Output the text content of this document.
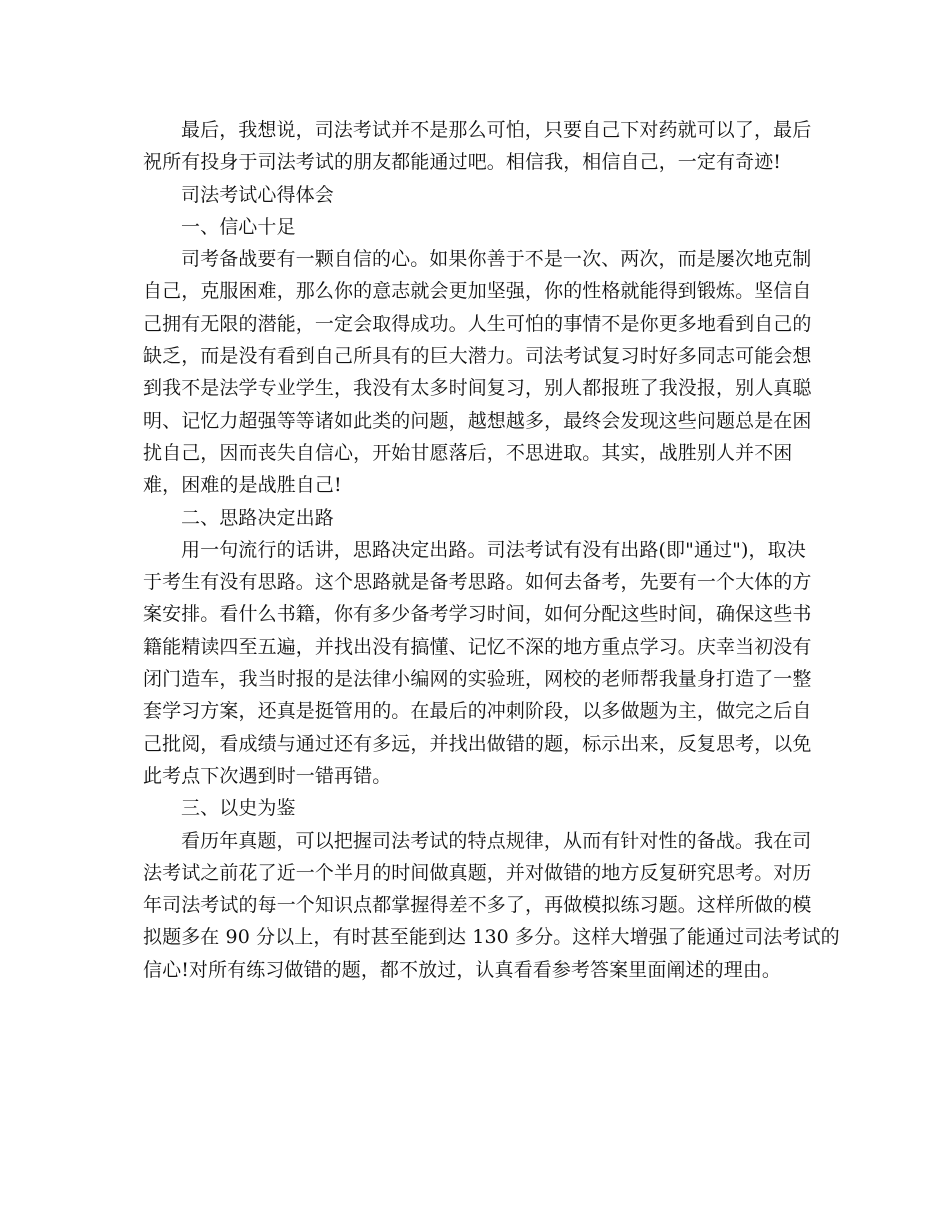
最后，我想说，司法考试并不是那么可怕，只要自己下对药就可以了，最后
祝所有投身于司法考试的朋友都能通过吧。相信我，相信自己，一定有奇迹!
司法考试心得体会
一、信心十足
司考备战要有一颗自信的心。如果你善于不是一次、两次，而是屡次地克制
自己，克服困难，那么你的意志就会更加坚强，你的性格就能得到锻炼。坚信自
己拥有无限的潜能，一定会取得成功。人生可怕的事情不是你更多地看到自己的
缺乏，而是没有看到自己所具有的巨大潜力。司法考试复习时好多同志可能会想
到我不是法学专业学生，我没有太多时间复习，别人都报班了我没报，别人真聪
明、记忆力超强等等诸如此类的问题，越想越多，最终会发现这些问题总是在困
扰自己，因而丧失自信心，开始甘愿落后，不思进取。其实，战胜别人并不困
难，困难的是战胜自己!
二、思路决定出路
用一句流行的话讲，思路决定出路。司法考试有没有出路(即"通过")，取决
于考生有没有思路。这个思路就是备考思路。如何去备考，先要有一个大体的方
案安排。看什么书籍，你有多少备考学习时间，如何分配这些时间，确保这些书
籍能精读四至五遍，并找出没有搞懂、记忆不深的地方重点学习。庆幸当初没有
闭门造车，我当时报的是法律小编网的实验班，网校的老师帮我量身打造了一整
套学习方案，还真是挺管用的。在最后的冲刺阶段，以多做题为主，做完之后自
己批阅，看成绩与通过还有多远，并找出做错的题，标示出来，反复思考，以免
此考点下次遇到时一错再错。
三、以史为鉴
看历年真题，可以把握司法考试的特点规律，从而有针对性的备战。我在司
法考试之前花了近一个半月的时间做真题，并对做错的地方反复研究思考。对历
年司法考试的每一个知识点都掌握得差不多了，再做模拟练习题。这样所做的模
拟题多在 90 分以上，有时甚至能到达 130 多分。这样大增强了能通过司法考试的
信心!对所有练习做错的题，都不放过，认真看看参考答案里面阐述的理由。
